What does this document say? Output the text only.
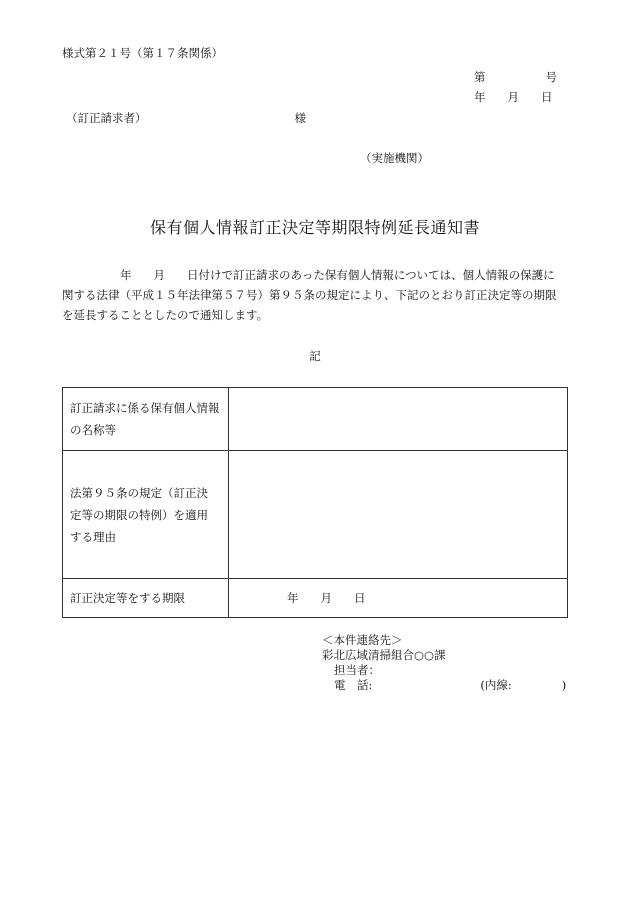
様式第２１号（第１７条関係）
第	号
年 月 日
（訂正請求者）	様
（実施機関）
保有個人情報訂正決定等期限特例延長通知書
年 月 日付けで訂正請求のあった保有個人情報については、個人情報の保護に
関する法律（平成１５年法律第５７号）第９５条の規定により、下記のとおり訂正決定等の期限
を延長することとしたので通知します。
記
訂正請求に係る保有個人情報
の名称等	

法第９５条の規定（訂正決
定等の期限の特例）を適用
する理由	

訂正決定等をする期限	年 月 日
＜本件連絡先＞
彩北広域清掃組合○○課
担当者：
電　話:	(内線:	)
